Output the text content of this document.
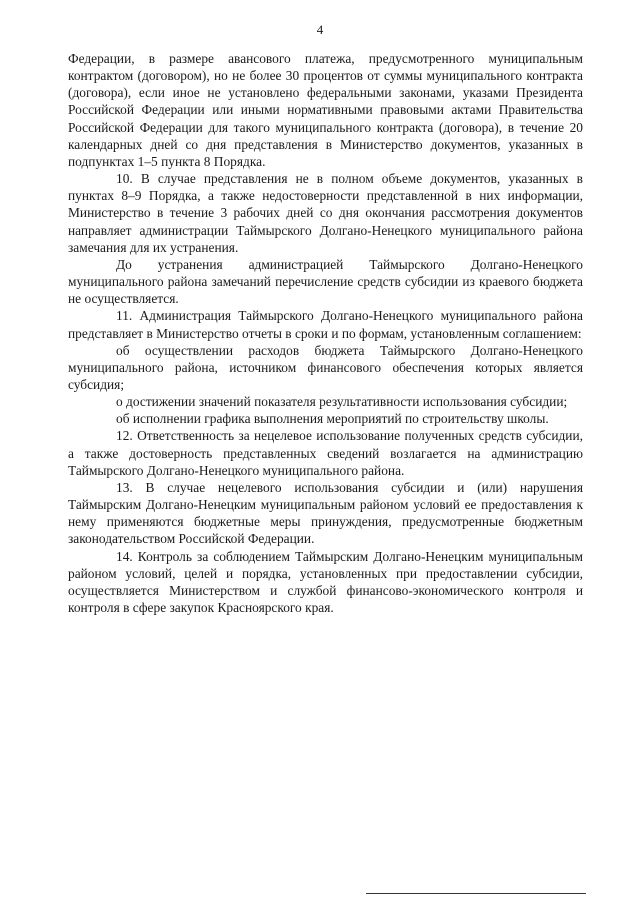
4

Федерации, в размере авансового платежа, предусмотренного муниципальным контрактом (договором), но не более 30 процентов от суммы муниципального контракта (договора), если иное не установлено федеральными законами, указами Президента Российской Федерации или иными нормативными правовыми актами Правительства Российской Федерации для такого муниципального контракта (договора), в течение 20 календарных дней со дня представления в Министерство документов, указанных в подпунктах 1–5 пункта 8 Порядка.

10. В случае представления не в полном объеме документов, указанных в пунктах 8–9 Порядка, а также недостоверности представленной в них информации, Министерство в течение 3 рабочих дней со дня окончания рассмотрения документов направляет администрации Таймырского Долгано-Ненецкого муниципального района замечания для их устранения.

До устранения администрацией Таймырского Долгано-Ненецкого муниципального района замечаний перечисление средств субсидии из краевого бюджета не осуществляется.

11. Администрация Таймырского Долгано-Ненецкого муниципального района представляет в Министерство отчеты в сроки и по формам, установленным соглашением:

об осуществлении расходов бюджета Таймырского Долгано-Ненецкого муниципального района, источником финансового обеспечения которых является субсидия;

о достижении значений показателя результативности использования субсидии;

об исполнении графика выполнения мероприятий по строительству школы.

12. Ответственность за нецелевое использование полученных средств субсидии, а также достоверность представленных сведений возлагается на администрацию Таймырского Долгано-Ненецкого муниципального района.

13. В случае нецелевого использования субсидии и (или) нарушения Таймырским Долгано-Ненецким муниципальным районом условий ее предоставления к нему применяются бюджетные меры принуждения, предусмотренные бюджетным законодательством Российской Федерации.

14. Контроль за соблюдением Таймырским Долгано-Ненецким муниципальным районом условий, целей и порядка, установленных при предоставлении субсидии, осуществляется Министерством и службой финансово-экономического контроля и контроля в сфере закупок Красноярского края.
